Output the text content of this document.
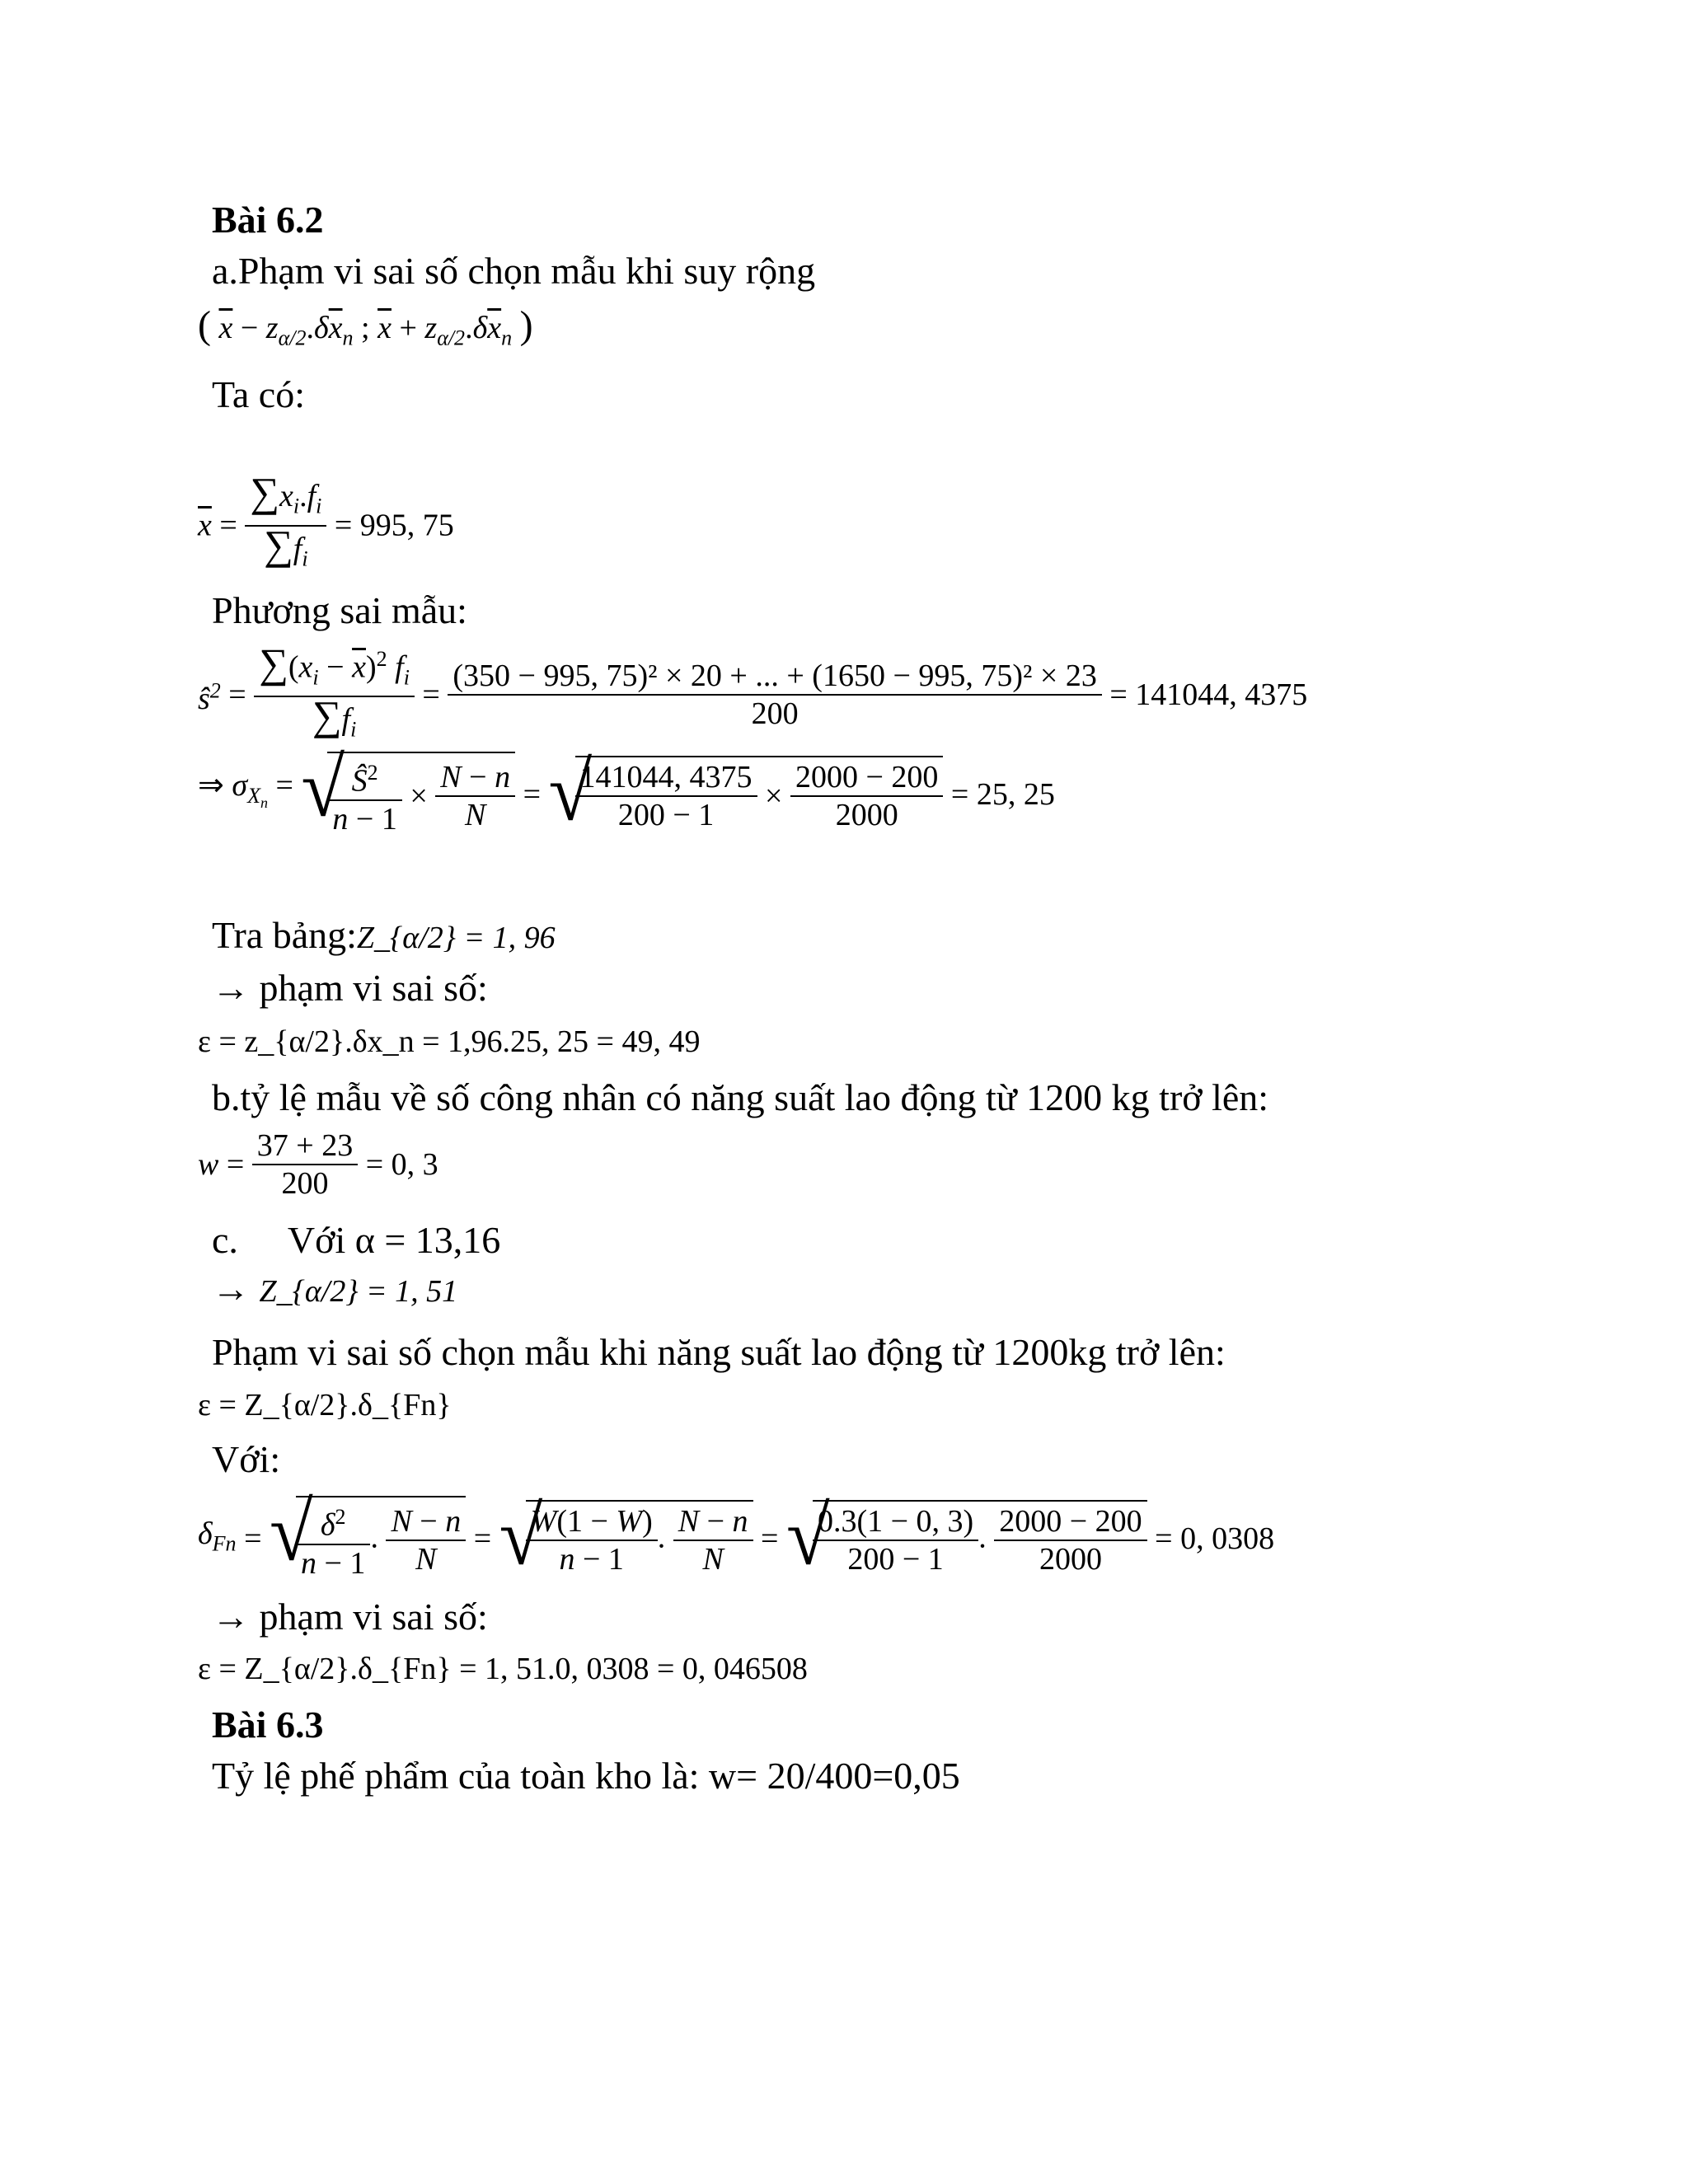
Bài 6.2
a.Phạm vi sai số chọn mẫu khi suy rộng
( $\overline{x} - z_{\alpha/2}.\delta\overline{x}_n$ ; $\overline{x} + z_{\alpha/2}.\delta\overline{x}_n$ )
Ta có:
$\overline{x} = \frac{\sum x_i.f_i}{\sum f_i} = 995$, 75
Phương sai mẫu:
$ŝ^2 = \frac{\sum(x_i - \overline{x})^2 f_i}{\sum f_i} = \frac{\text{(350 − 995, 75)² × 20 + ... + (1650 − 995, 75)² × 23}}{200} = 141044$, 4375
⇒ $\sigma_{X_n}$ = √ $\frac{Ŝ^2}{n - 1} \times \frac{N - n}{N}$ = √ $\frac{141044, 4375}{200 - 1} \times \frac{2000 - 200}{2000} = 25$, 25
Tra bảng:Z_{α/2} = 1, 96
→ phạm vi sai số:
ε = z_{α/2}.δx_n = 1,96.25, 25 = 49, 49
b.tỷ lệ mẫu về số công nhân có năng suất lao động từ 1200 kg trở lên:
$w = \frac{37 + 23}{200} = 0$, 3
c. Với α = 13,16
→ Z_{α/2} = 1, 51
Phạm vi sai số chọn mẫu khi năng suất lao động từ 1200kg trở lên:
ε = Z_{α/2}.δ_{Fn}
Với:
$\delta_{Fn}$ = √ $\frac{\delta^2}{n - 1}$ . $\frac{N - n}{N}$ = √ $\frac{W(1 - W)}{n - 1}$ . $\frac{N - n}{N}$ = √ $\frac{0.3(1 - 0, 3)}{200 - 1}$ . $\frac{2000 - 200}{2000} = 0$, 0308
→ phạm vi sai số:
ε = Z_{α/2}.δ_{Fn} = 1, 51.0, 0308 = 0, 046508
Bài 6.3
Tỷ lệ phế phẩm của toàn kho là: w= 20/400=0,05
